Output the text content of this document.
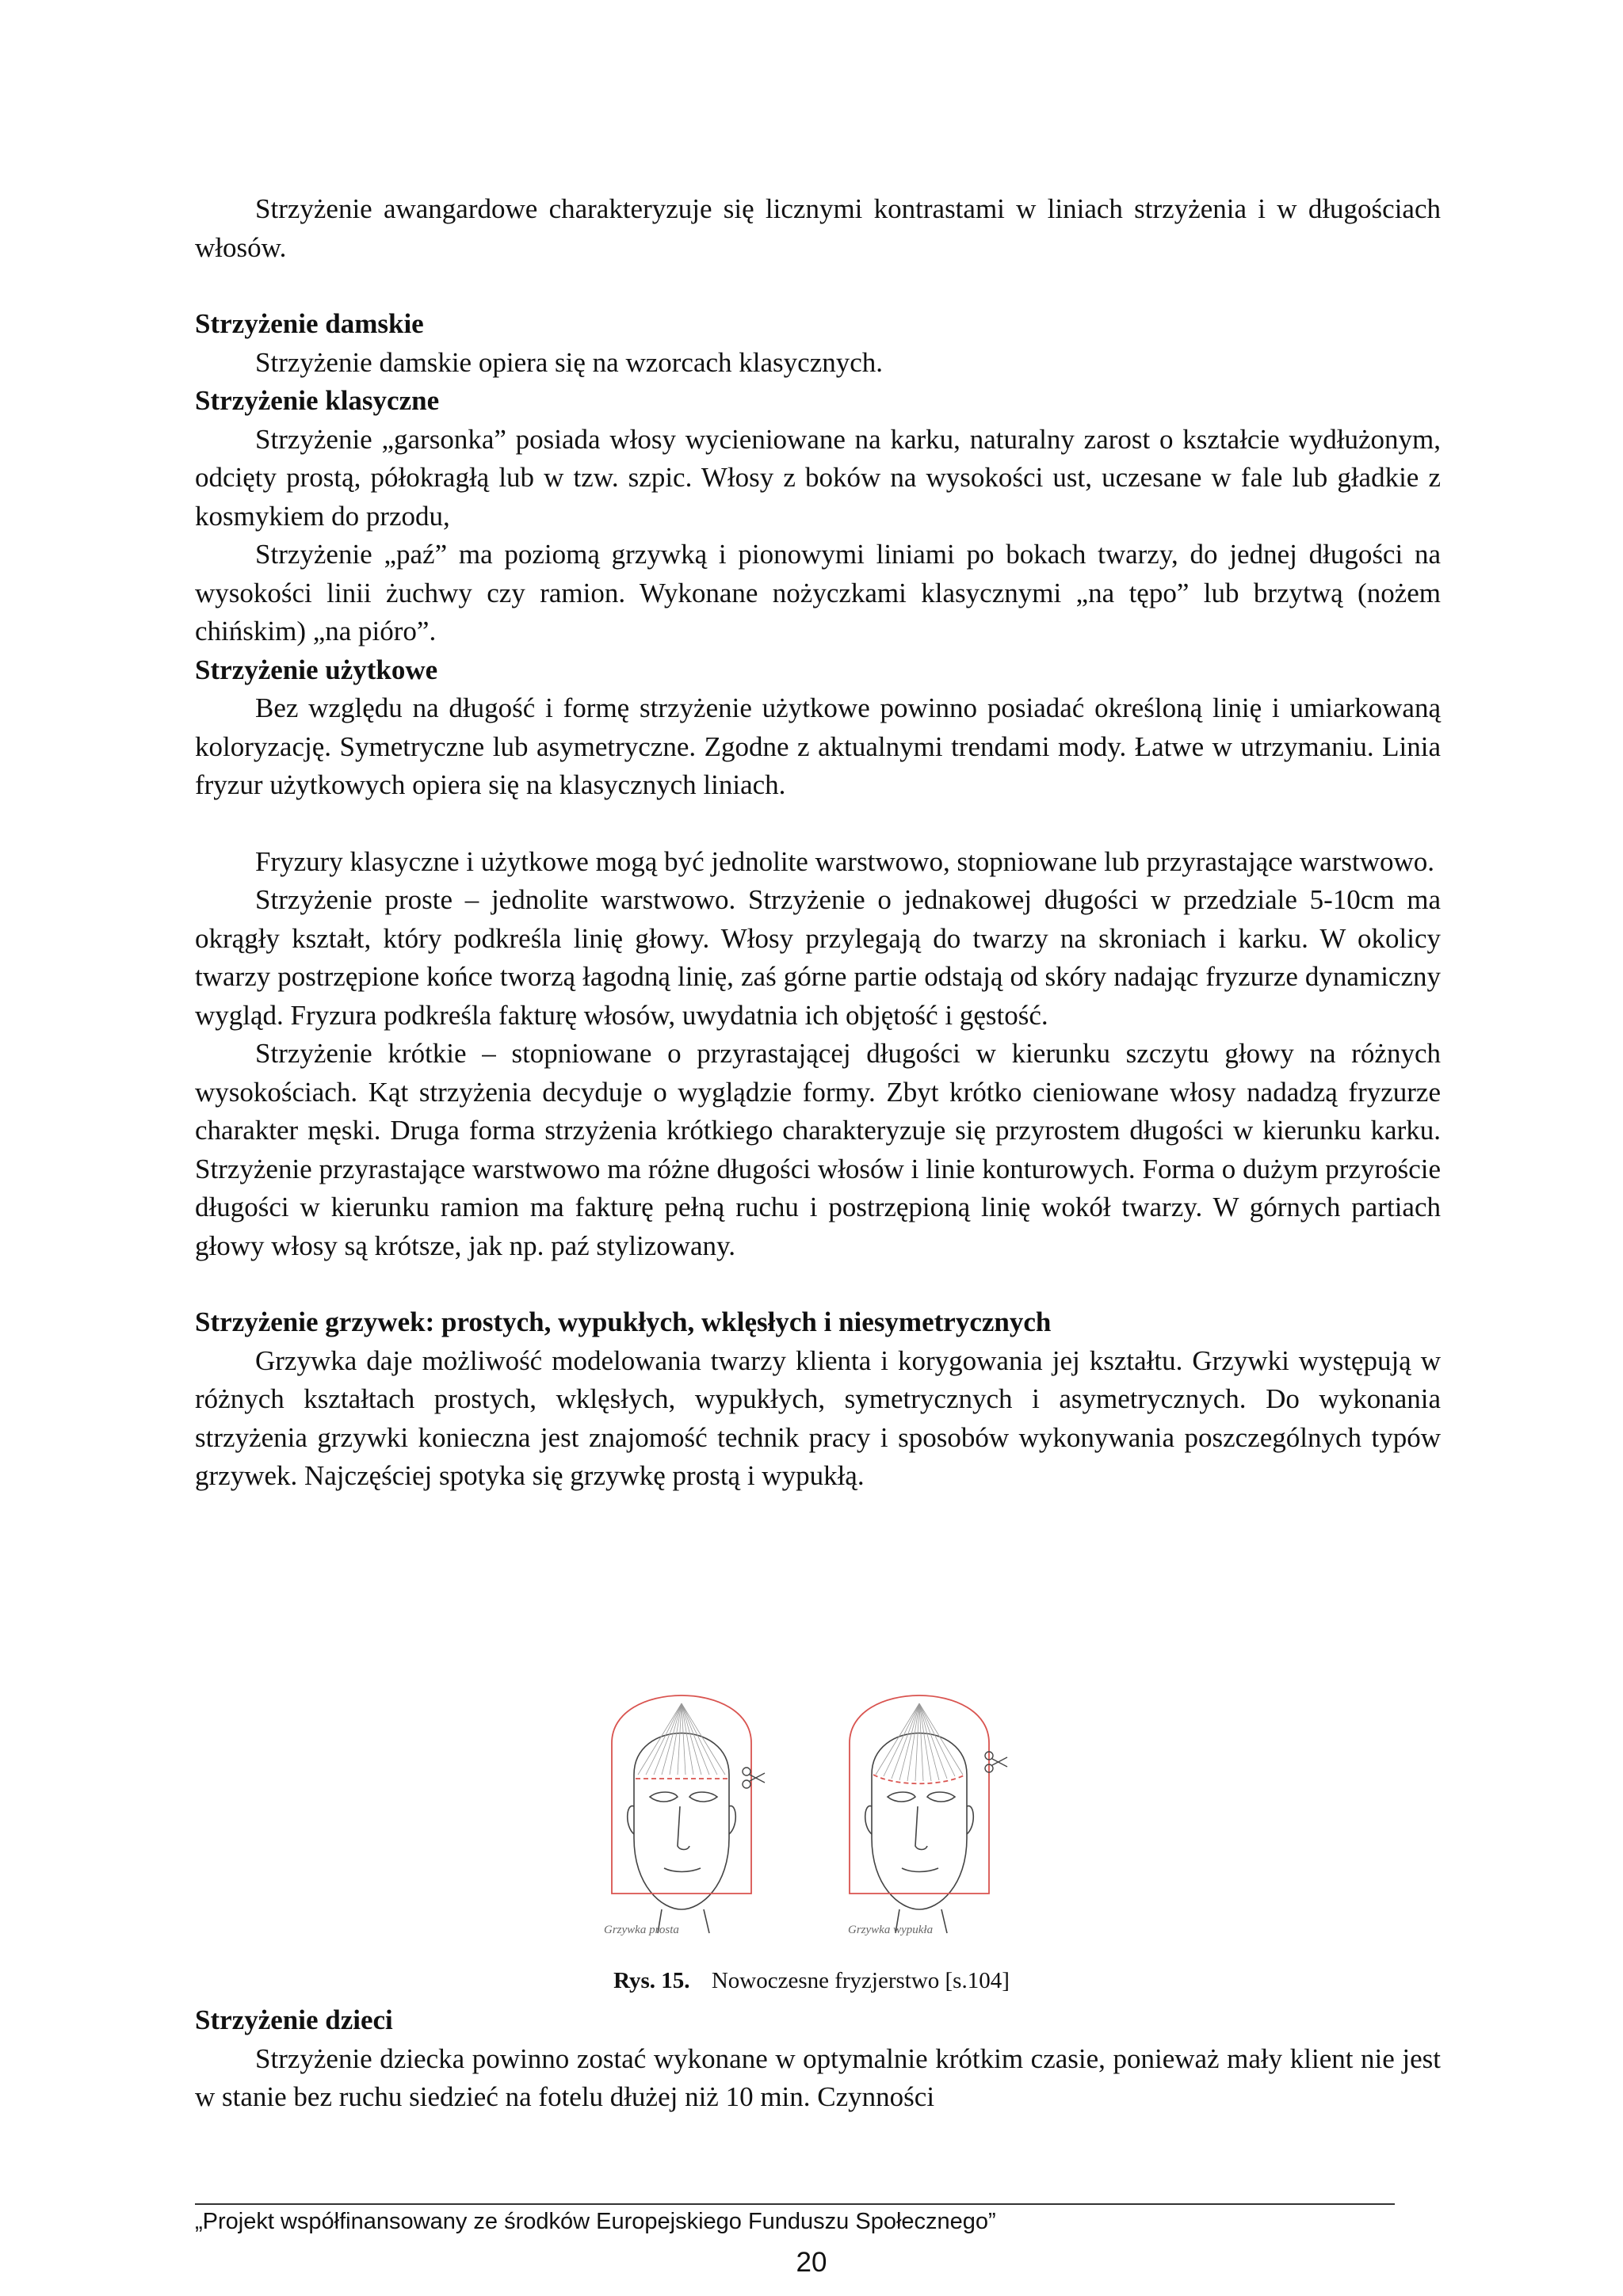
Strzyżenie awangardowe charakteryzuje się licznymi kontrastami w liniach strzyżenia i w długościach włosów.

Strzyżenie damskie

Strzyżenie damskie opiera się na wzorcach klasycznych.

Strzyżenie klasyczne

Strzyżenie „garsonka” posiada włosy wycieniowane na karku, naturalny zarost o kształcie wydłużonym, odcięty prostą, półokragłą lub w tzw. szpic. Włosy z boków na wysokości ust, uczesane w fale lub gładkie z kosmykiem do przodu,

Strzyżenie „paź” ma poziomą grzywką i pionowymi liniami po bokach twarzy, do jednej długości na wysokości linii żuchwy czy ramion. Wykonane nożyczkami klasycznymi „na tępo” lub brzytwą (nożem chińskim) „na pióro”.

Strzyżenie użytkowe

Bez względu na długość i formę strzyżenie użytkowe powinno posiadać określoną linię i umiarkowaną koloryzację. Symetryczne lub asymetryczne. Zgodne z aktualnymi trendami mody. Łatwe w utrzymaniu. Linia fryzur użytkowych opiera się na klasycznych liniach.

Fryzury klasyczne i użytkowe mogą być jednolite warstwowo, stopniowane lub przyrastające warstwowo.

Strzyżenie proste – jednolite warstwowo. Strzyżenie o jednakowej długości w przedziale 5-10cm ma okrągły kształt, który podkreśla linię głowy. Włosy przylegają do twarzy na skroniach i karku. W okolicy twarzy postrzępione końce tworzą łagodną linię, zaś górne partie odstają od skóry nadając fryzurze dynamiczny wygląd. Fryzura podkreśla fakturę włosów, uwydatnia ich objętość i gęstość.

Strzyżenie krótkie – stopniowane o przyrastającej długości w kierunku szczytu głowy na różnych wysokościach. Kąt strzyżenia decyduje o wyglądzie formy. Zbyt krótko cieniowane włosy nadadzą fryzurze charakter męski. Druga forma strzyżenia krótkiego charakteryzuje się przyrostem długości w kierunku karku. Strzyżenie przyrastające warstwowo ma różne długości włosów i linie konturowych. Forma o dużym przyroście długości w kierunku ramion ma fakturę pełną ruchu i postrzępioną linię wokół twarzy. W górnych partiach głowy włosy są krótsze, jak np. paź stylizowany.

Strzyżenie grzywek: prostych, wypukłych, wklęsłych i niesymetrycznych

Grzywka daje możliwość modelowania twarzy klienta i korygowania jej kształtu. Grzywki występują w różnych kształtach prostych, wklęsłych, wypukłych, symetrycznych i asymetrycznych. Do wykonania strzyżenia grzywki konieczna jest znajomość technik pracy i sposobów wykonywania poszczególnych typów grzywek. Najczęściej spotyka się grzywkę prostą i wypukłą.

Grzywka prosta	Grzywka wypukła
Rys. 15. Nowoczesne fryzjerstwo [s.104]

Strzyżenie dzieci

Strzyżenie dziecka powinno zostać wykonane w optymalnie krótkim czasie, ponieważ mały klient nie jest w stanie bez ruchu siedzieć na fotelu dłużej niż 10 min. Czynności

„Projekt współfinansowany ze środków Europejskiego Funduszu Społecznego”
20
